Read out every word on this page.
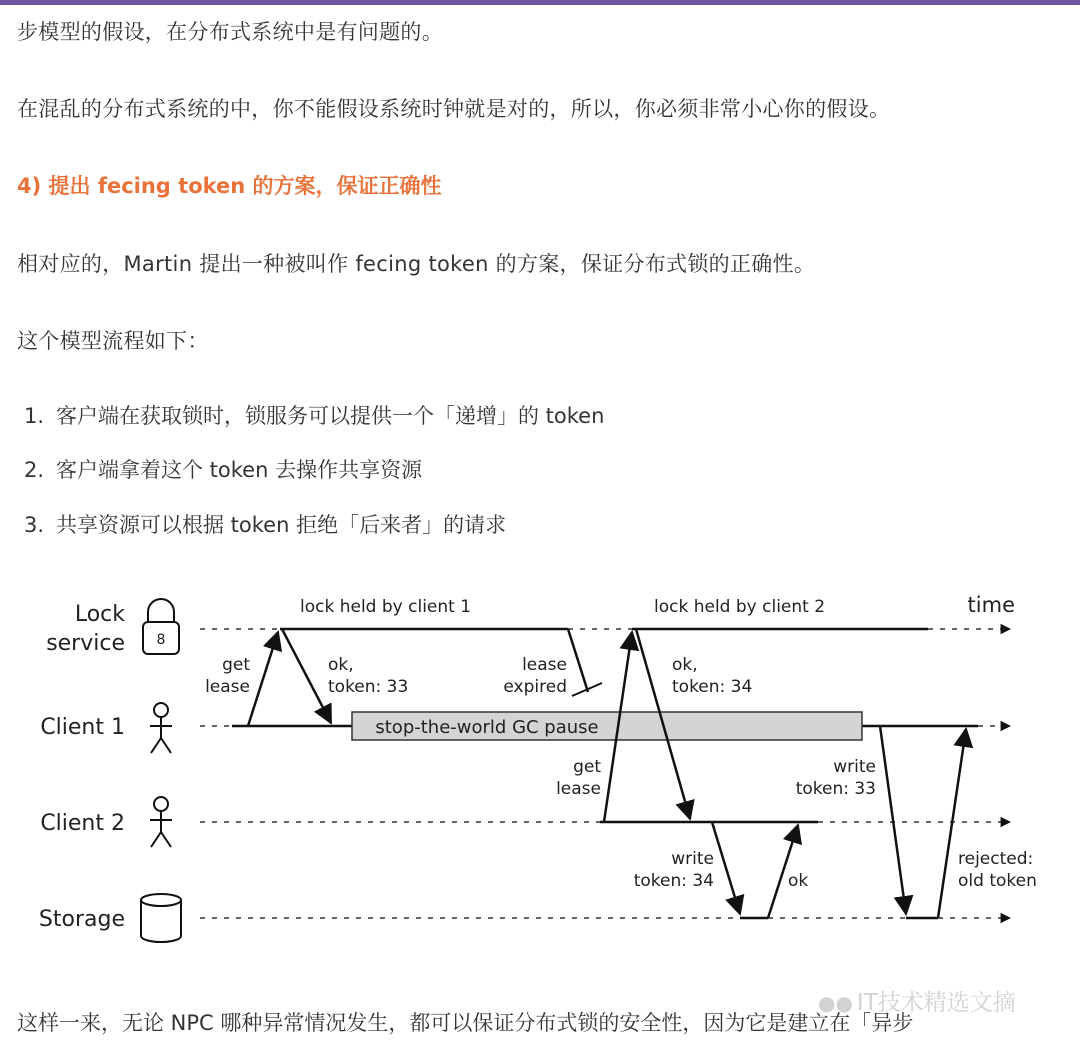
步模型的假设，在分布式系统中是有问题的。

在混乱的分布式系统的中，你不能假设系统时钟就是对的，所以，你必须非常小心你的假设。

4) 提出 fecing token 的方案，保证正确性

相对应的，Martin 提出一种被叫作 fecing token 的方案，保证分布式锁的正确性。

这个模型流程如下：

1. 客户端在获取锁时，锁服务可以提供一个「递增」的 token
2. 客户端拿着这个 token 去操作共享资源
3. 共享资源可以根据 token 拒绝「后来者」的请求
Lock
service
Client 1
Client 2
Storage
8
stop-the-world GC pause
lock held by client 1	lock held by client 2	time
get
lease
ok,
token: 33
lease
expired
get
lease
ok,
token: 34
write
token: 34	ok
write
token: 33
rejected:
old token
●● IT技术精选文摘

这样一来，无论 NPC 哪种异常情况发生，都可以保证分布式锁的安全性，因为它是建立在「异步
